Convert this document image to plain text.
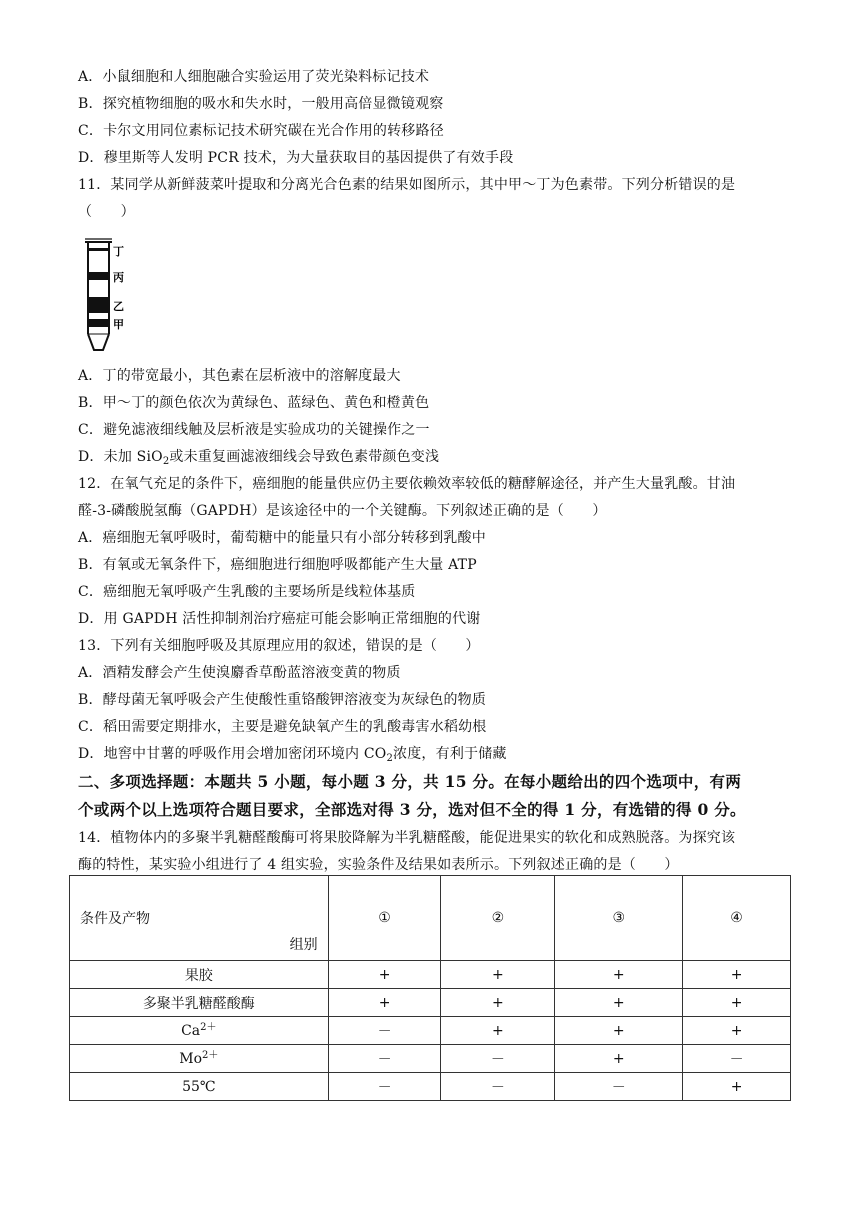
A．小鼠细胞和人细胞融合实验运用了荧光染料标记技术
B．探究植物细胞的吸水和失水时，一般用高倍显微镜观察
C．卡尔文用同位素标记技术研究碳在光合作用的转移路径
D．穆里斯等人发明 PCR 技术，为大量获取目的基因提供了有效手段
11．某同学从新鲜菠菜叶提取和分离光合色素的结果如图所示，其中甲～丁为色素带。下列分析错误的是
（　　）
丁
丙
乙
甲
A．丁的带宽最小，其色素在层析液中的溶解度最大
B．甲～丁的颜色依次为黄绿色、蓝绿色、黄色和橙黄色
C．避免滤液细线触及层析液是实验成功的关键操作之一
D．未加 SiO$_2$或未重复画滤液细线会导致色素带颜色变浅
12．在氧气充足的条件下，癌细胞的能量供应仍主要依赖效率较低的糖酵解途径，并产生大量乳酸。甘油
醛-3-磷酸脱氢酶（GAPDH）是该途径中的一个关键酶。下列叙述正确的是（　　）
A．癌细胞无氧呼吸时，葡萄糖中的能量只有小部分转移到乳酸中
B．有氧或无氧条件下，癌细胞进行细胞呼吸都能产生大量 ATP
C．癌细胞无氧呼吸产生乳酸的主要场所是线粒体基质
D．用 GAPDH 活性抑制剂治疗癌症可能会影响正常细胞的代谢
13．下列有关细胞呼吸及其原理应用的叙述，错误的是（　　）
A．酒精发酵会产生使溴麝香草酚蓝溶液变黄的物质
B．酵母菌无氧呼吸会产生使酸性重铬酸钾溶液变为灰绿色的物质
C．稻田需要定期排水，主要是避免缺氧产生的乳酸毒害水稻幼根
D．地窖中甘薯的呼吸作用会增加密闭环境内 $CO_2$浓度，有利于储藏
二、多项选择题：本题共 5 小题，每小题 3 分，共 15 分。在每小题给出的四个选项中，有两
个或两个以上选项符合题目要求，全部选对得 3 分，选对但不全的得 1 分，有选错的得 0 分。
14．植物体内的多聚半乳糖醛酸酶可将果胶降解为半乳糖醛酸，能促进果实的软化和成熟脱落。为探究该
酶的特性，某实验小组进行了 4 组实验，实验条件及结果如表所示。下列叙述正确的是（　　）
条件及产物
组别	①	②	③	④
果胶	+	+	+	+
多聚半乳糖醛酸酶	+	+	+	+
$Ca^{2+}$	－	+	+	+
$Mo^{2+}$	－	－	+	－
55℃	－	－	－	+
